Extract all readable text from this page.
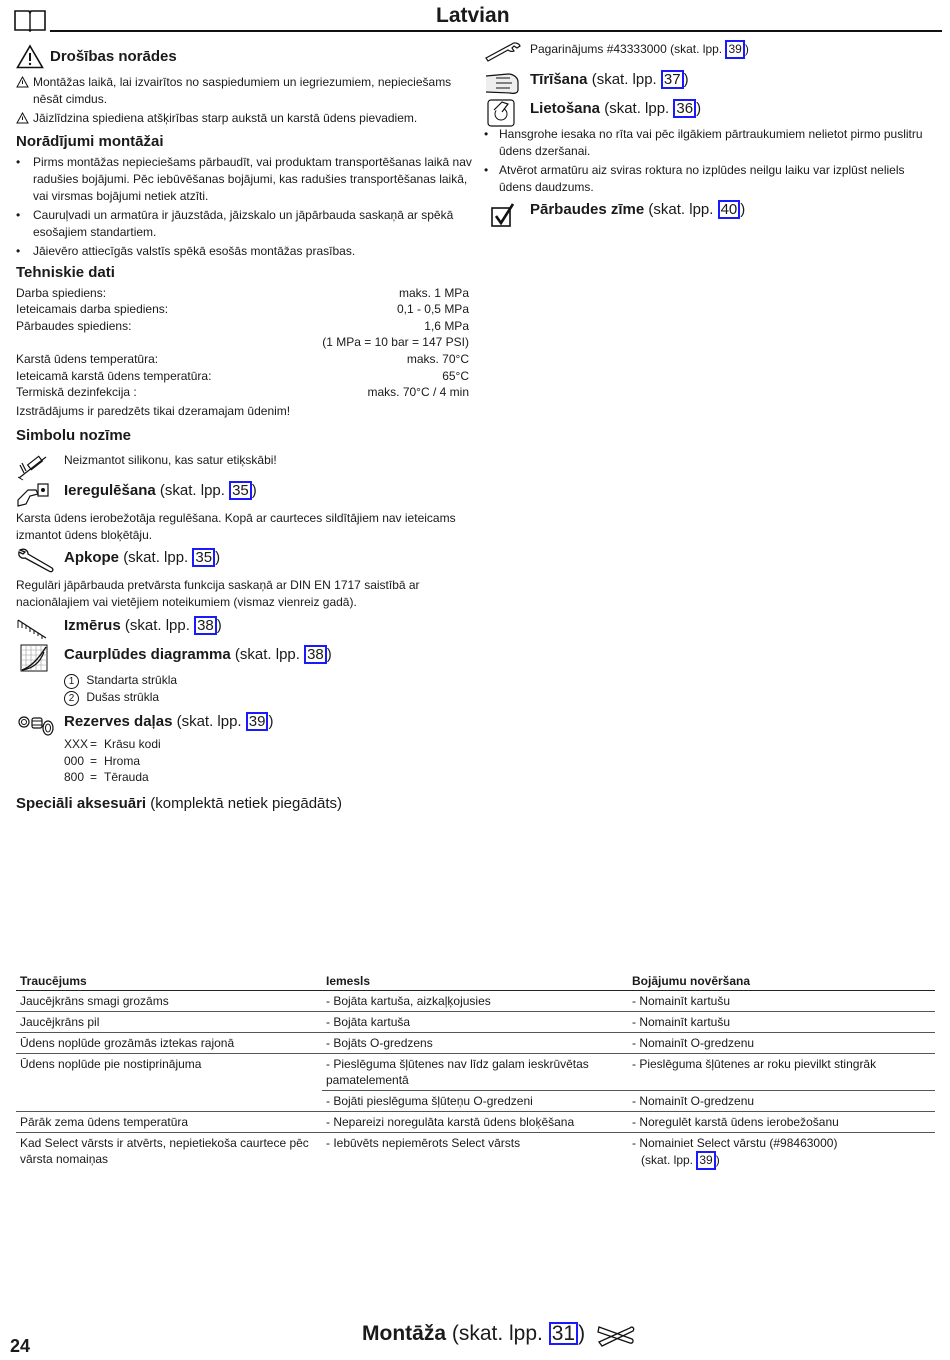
Latvian
Drošības norādes
Montāžas laikā, lai izvairītos no saspiedumiem un iegriezumiem, nepieciešams nēsāt cimdus.
Jāizlīdzina spiediena atšķirības starp aukstā un karstā ūdens pievadiem.
Norādījumi montāžai
• Pirms montāžas nepieciešams pārbaudīt, vai produktam transportēšanas laikā nav radušies bojājumi. Pēc iebūvēšanas bojājumi, kas radušies transportēšanas laikā, vai virsmas bojājumi netiek atzīti.
• Cauruļvadi un armatūra ir jāuzstāda, jāizskalo un jāpārbauda saskaņā ar spēkā esošajiem standartiem.
• Jāievēro attiecīgās valstīs spēkā esošās montāžas prasības.
Tehniskie dati
Darba spiediens:	maks. 1 MPa
Ieteicamais darba spiediens:	0,1 - 0,5 MPa
Pārbaudes spiediens:	1,6 MPa
(1 MPa = 10 bar = 147 PSI)
Karstā ūdens temperatūra:	maks. 70°C
Ieteicamā karstā ūdens temperatūra:	65°C
Termiskā dezinfekcija :	maks. 70°C / 4 min
Izstrādājums ir paredzēts tikai dzeramajam ūdenim!
Simbolu nozīme
Neizmantot silikonu, kas satur etiķskābi!
Ieregulēšana (skat. lpp. 35 )
Karsta ūdens ierobežotāja regulēšana. Kopā ar caurteces sildītājiem nav ieteicams izmantot ūdens bloķētāju.
Apkope (skat. lpp. 35 )
Regulāri jāpārbauda pretvārsta funkcija saskaņā ar DIN EN 1717 saistībā ar nacionālajiem vai vietējiem noteikumiem (vismaz vienreiz gadā).
Izmērus (skat. lpp. 38 )
Caurplūdes diagramma (skat. lpp. 38 )
1 Standarta strūkla
2 Dušas strūkla
Rezerves daļas (skat. lpp. 39 )
XXX = Krāsu kodi
000 = Hroma
800 = Tērauda
Speciāli aksesuāri (komplektā netiek piegādāts)
Pagarinājums #43333000 (skat. lpp. 39 )
Tīrīšana (skat. lpp. 37 )
Lietošana (skat. lpp. 36 )
• Hansgrohe iesaka no rīta vai pēc ilgākiem pārtraukumiem nelietot pirmo puslitru ūdens dzeršanai.
• Atvērot armatūru aiz sviras roktura no izplūdes neilgu laiku var izplūst neliels ūdens daudzums.
Pārbaudes zīme (skat. lpp. 40 )
Traucējums	Iemesls	Bojājumu novēršana
Jaucējkrāns smagi grozāms	- Bojāta kartuša, aizkaļķojusies	- Nomainīt kartušu
Jaucējkrāns pil	- Bojāta kartuša	- Nomainīt kartušu
Ūdens noplūde grozāmās iztekas rajonā	- Bojāts O-gredzens	- Nomainīt O-gredzenu
Ūdens noplūde pie nostiprinājuma	- Pieslēguma šļūtenes nav līdz galam ieskrūvētas pamatelementā	- Pieslēguma šļūtenes ar roku pievilkt stingrāk
	- Bojāti pieslēguma šļūteņu O-gredzeni	- Nomainīt O-gredzenu
Pārāk zema ūdens temperatūra	- Nepareizi noregulāta karstā ūdens bloķēšana	- Noregulēt karstā ūdens ierobežošanu
Kad Select vārsts ir atvērts, nepietiekoša caurtece pēc vārsta nomaiņas	- Iebūvēts nepiemērots Select vārsts	- Nomainiet Select vārstu (#98463000)
(skat. lpp. 39 )
24
Montāža (skat. lpp. 31 )
